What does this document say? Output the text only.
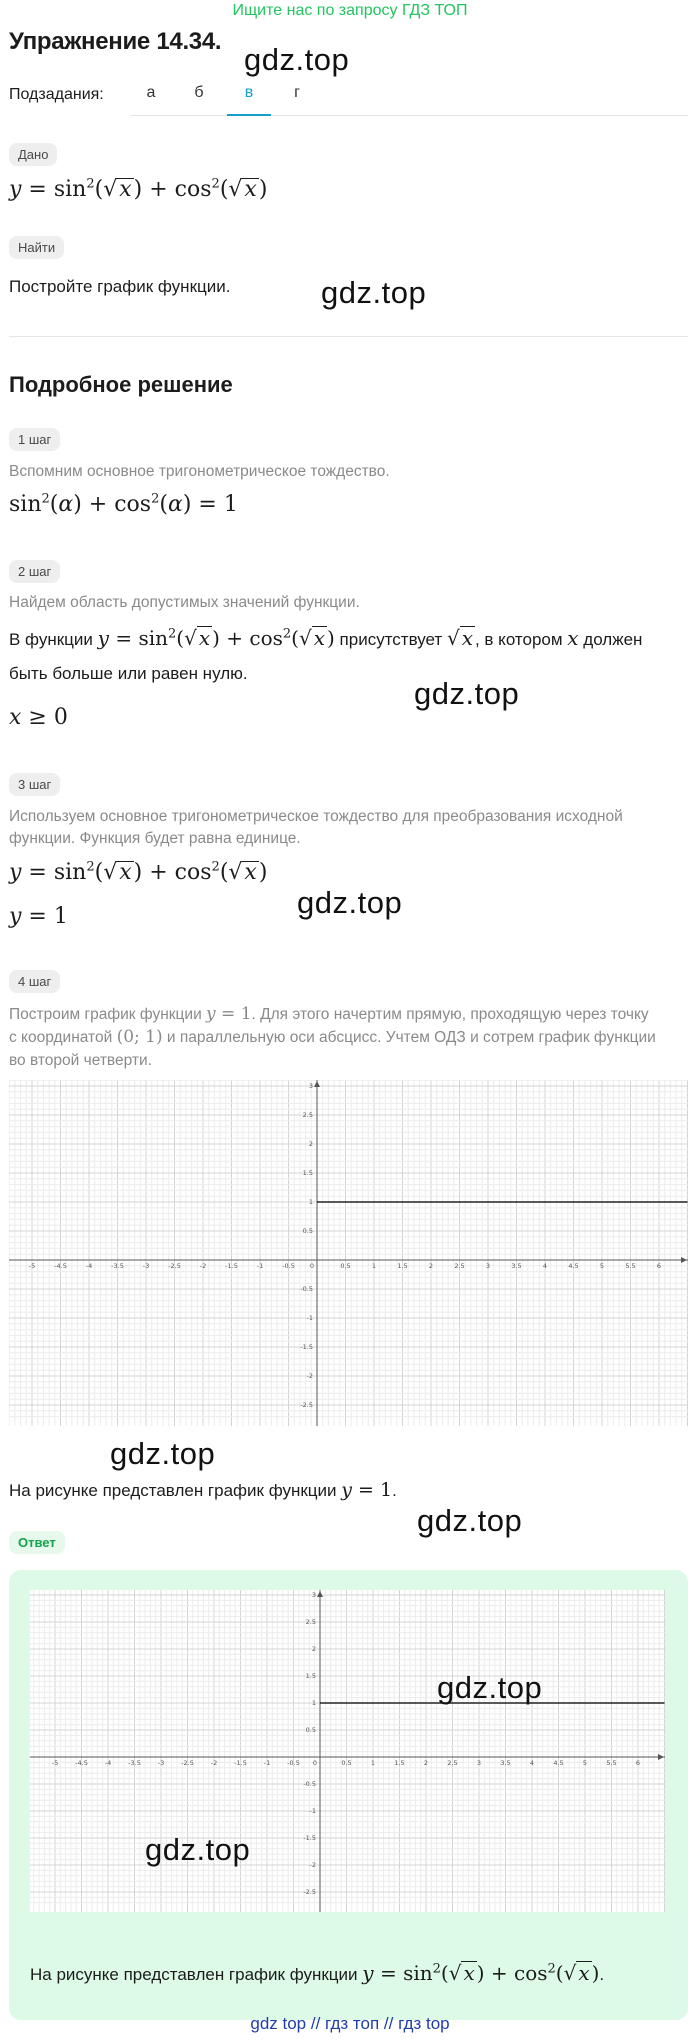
Ищите нас по запросу ГДЗ ТОП
Упражнение 14.34.
gdz.top
Подзадания:	а	б	в	г
Дано
$y = \sin^2(√x) + \cos^2(√x)$
Найти
Постройте график функции.	gdz.top
Подробное решение
1 шаг
Вспомним основное тригонометрическое тождество.
$\sin^2(\alpha) + \cos^2(\alpha) = 1$
2 шаг
Найдем область допустимых значений функции.
В функции $y = \sin^2(√$ x ) + $\cos^2(√$ x ) присутствует √ x , в котором x должен
быть больше или равен нулю.
gdz.top
x ≥ 0
3 шаг
Используем основное тригонометрическое тождество для преобразования исходной
функции. Функция будет равна единице.
$y = \sin^2(√x) + \cos^2(√x)$
y = 1	gdz.top
4 шаг
Построим график функции y = 1. Для этого начертим прямую, проходящую через точку
с координатой (0; 1) и параллельную оси абсцисс. Учтем ОДЗ и сотрем график функции
во второй четверти.
-5	-4.5	-4	-3.5	-3	-2.5	-2	-1.5	-1	-0.5 0	0.5	1	1.5	2	2.5	3	3.5	4	4.5	5	5.5	6
3
2.5
2
1.5
1
0.5
-0.5
-1
-1.5
-2
-2.5
gdz.top
На рисунке представлен график функции y = 1.
gdz.top
Ответ
-5	-4.5	-4	-3.5	-3	-2.5	-2	-1.5	-1	-0.5 0	0.5	1	1.5	2	2.5	3	3.5	4	4.5	5	5.5	6
3
2.5
2
1.5
1
0.5
-0.5
-1
-1.5
-2
-2.5
gdz.top
gdz.top
На рисунке представлен график функции $y = \sin^2(√$ x ) + $\cos^2(√$ x ).
gdz top // гдз топ // гдз top
